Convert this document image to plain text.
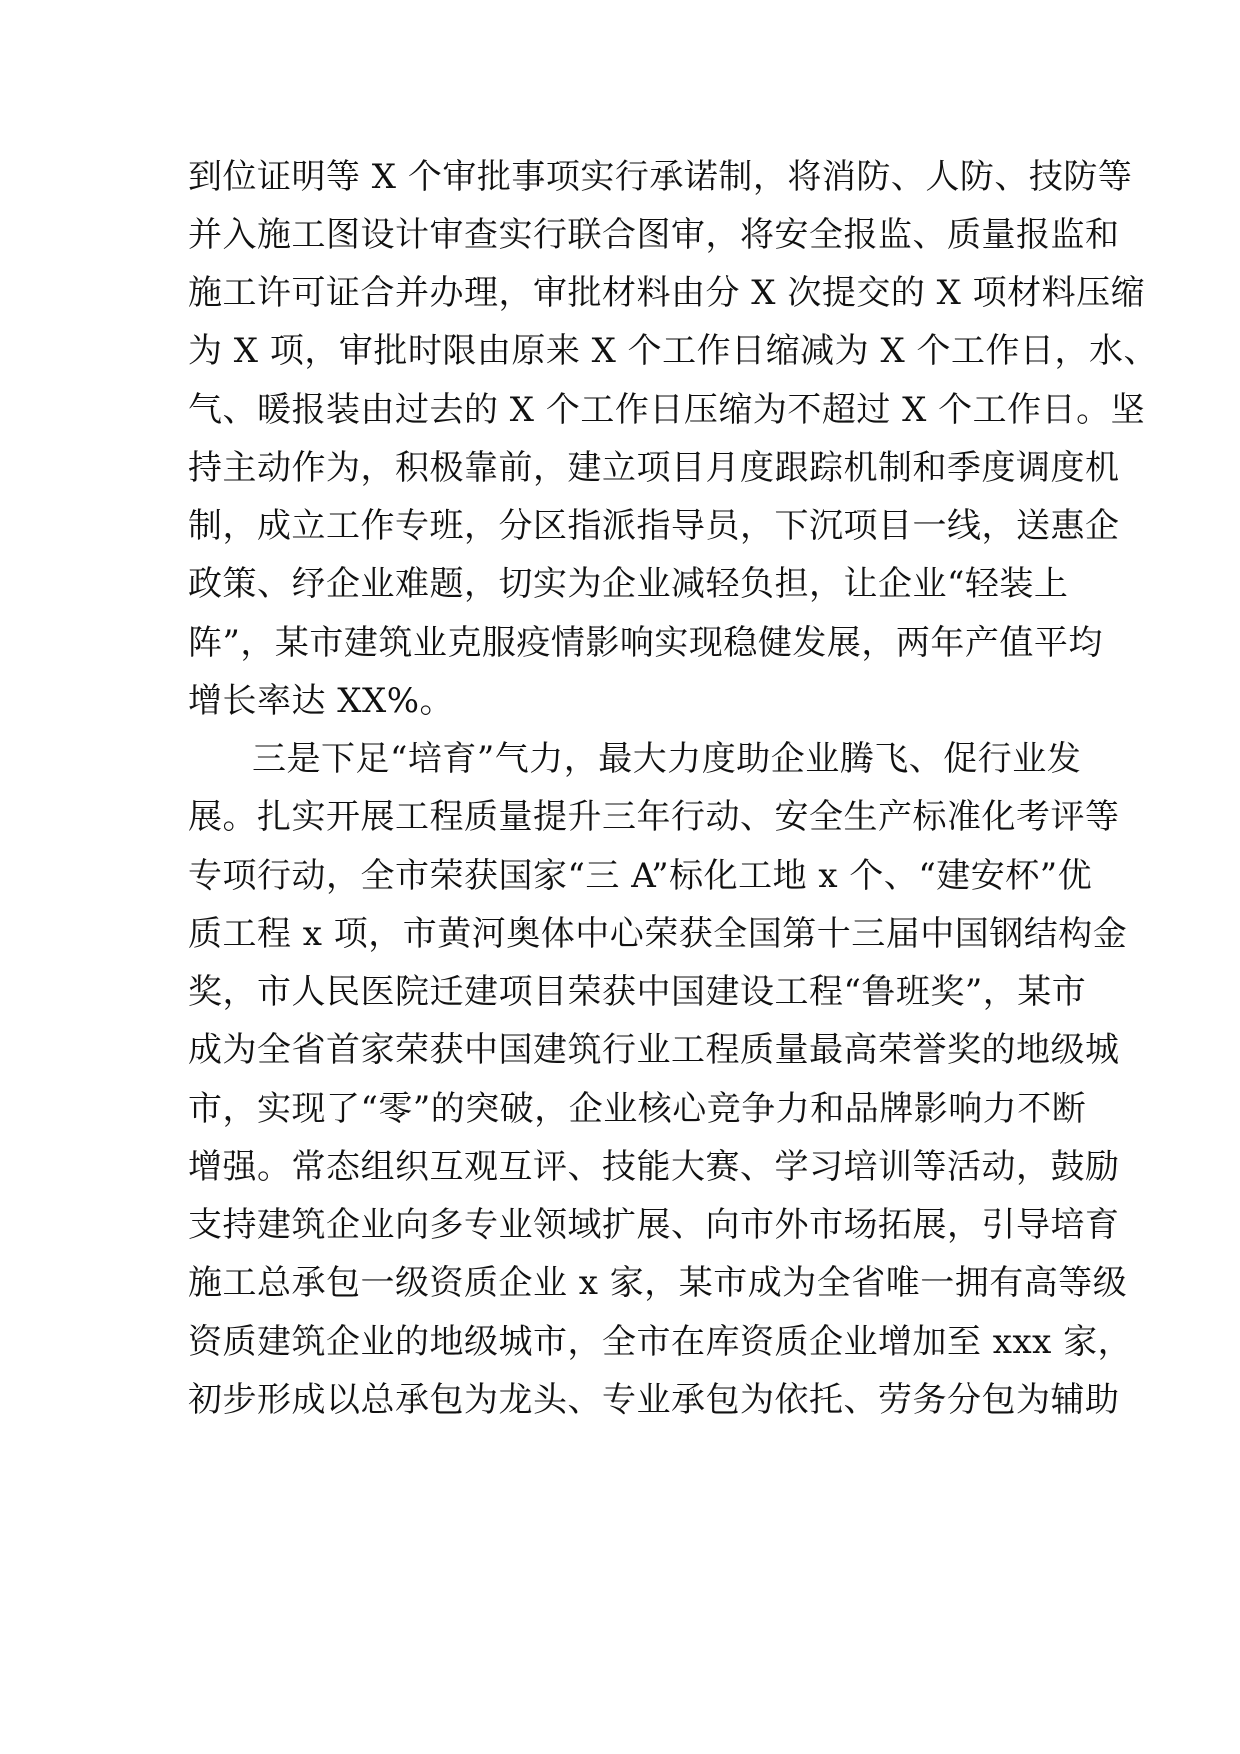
到位证明等 X 个审批事项实行承诺制，将消防、人防、技防等
并入施工图设计审查实行联合图审，将安全报监、质量报监和
施工许可证合并办理，审批材料由分 X 次提交的 X 项材料压缩
为 X 项，审批时限由原来 X 个工作日缩减为 X 个工作日，水、
气、暖报装由过去的 X 个工作日压缩为不超过 X 个工作日。坚
持主动作为，积极靠前，建立项目月度跟踪机制和季度调度机
制，成立工作专班，分区指派指导员，下沉项目一线，送惠企
政策、纾企业难题，切实为企业减轻负担，让企业“轻装上
阵”，某市建筑业克服疫情影响实现稳健发展，两年产值平均
增长率达 XX%。
三是下足“培育”气力，最大力度助企业腾飞、促行业发
展。扎实开展工程质量提升三年行动、安全生产标准化考评等
专项行动，全市荣获国家“三 A”标化工地 x 个、“建安杯”优
质工程 x 项，市黄河奥体中心荣获全国第十三届中国钢结构金
奖，市人民医院迁建项目荣获中国建设工程“鲁班奖”，某市
成为全省首家荣获中国建筑行业工程质量最高荣誉奖的地级城
市，实现了“零”的突破，企业核心竞争力和品牌影响力不断
增强。常态组织互观互评、技能大赛、学习培训等活动，鼓励
支持建筑企业向多专业领域扩展、向市外市场拓展，引导培育
施工总承包一级资质企业 x 家，某市成为全省唯一拥有高等级
资质建筑企业的地级城市，全市在库资质企业增加至 xxx 家，
初步形成以总承包为龙头、专业承包为依托、劳务分包为辅助
